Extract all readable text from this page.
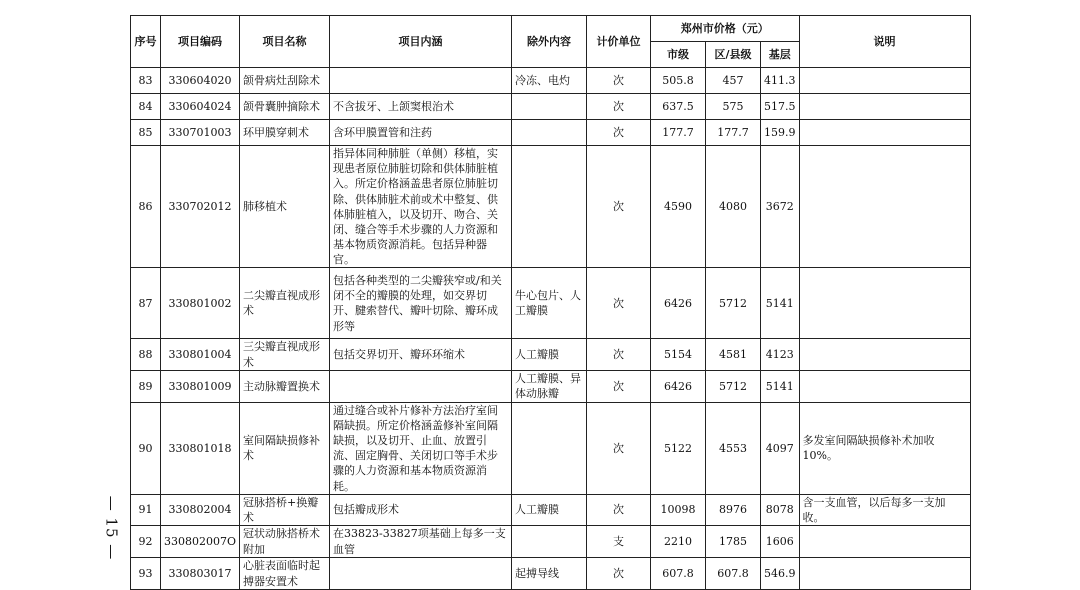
— 15 —
序号	项目编码	项目名称	项目内涵	除外内容	计价单位	郑州市价格（元）			说明
						市级	区/县级	基层	
83	330604020	颌骨病灶刮除术		冷冻、电灼	次	505.8	457	411.3	
84	330604024	颌骨囊肿摘除术	不含拔牙、上颌窦根治术		次	637.5	575	517.5	
85	330701003	环甲膜穿刺术	含环甲膜置管和注药		次	177.7	177.7	159.9	
86	330702012	肺移植术	指异体同种肺脏（单侧）移植，实现患者原位肺脏切除和供体肺脏植入。所定价格涵盖患者原位肺脏切除、供体肺脏术前或术中整复、供体肺脏植入，以及切开、吻合、关闭、缝合等手术步骤的人力资源和基本物质资源消耗。包括异种器官。		次	4590	4080	3672	
87	330801002	二尖瓣直视成形术	包括各种类型的二尖瓣狭窄或/和关闭不全的瓣膜的处理，如交界切开、腱索替代、瓣叶切除、瓣环成形等	牛心包片、人工瓣膜	次	6426	5712	5141	
88	330801004	三尖瓣直视成形术	包括交界切开、瓣环环缩术	人工瓣膜	次	5154	4581	4123	
89	330801009	主动脉瓣置换术		人工瓣膜、异体动脉瓣	次	6426	5712	5141	
90	330801018	室间隔缺损修补术	通过缝合或补片修补方法治疗室间隔缺损。所定价格涵盖修补室间隔缺损，以及切开、止血、放置引流、固定胸骨、关闭切口等手术步骤的人力资源和基本物质资源消耗。		次	5122	4553	4097	多发室间隔缺损修补术加收10%。
91	330802004	冠脉搭桥+换瓣术	包括瓣成形术	人工瓣膜	次	10098	8976	8078	含一支血管，以后每多一支加收。
92	330802007O	冠状动脉搭桥术附加	在33823-33827项基础上每多一支血管		支	2210	1785	1606	
93	330803017	心脏表面临时起搏器安置术		起搏导线	次	607.8	607.8	546.9	
